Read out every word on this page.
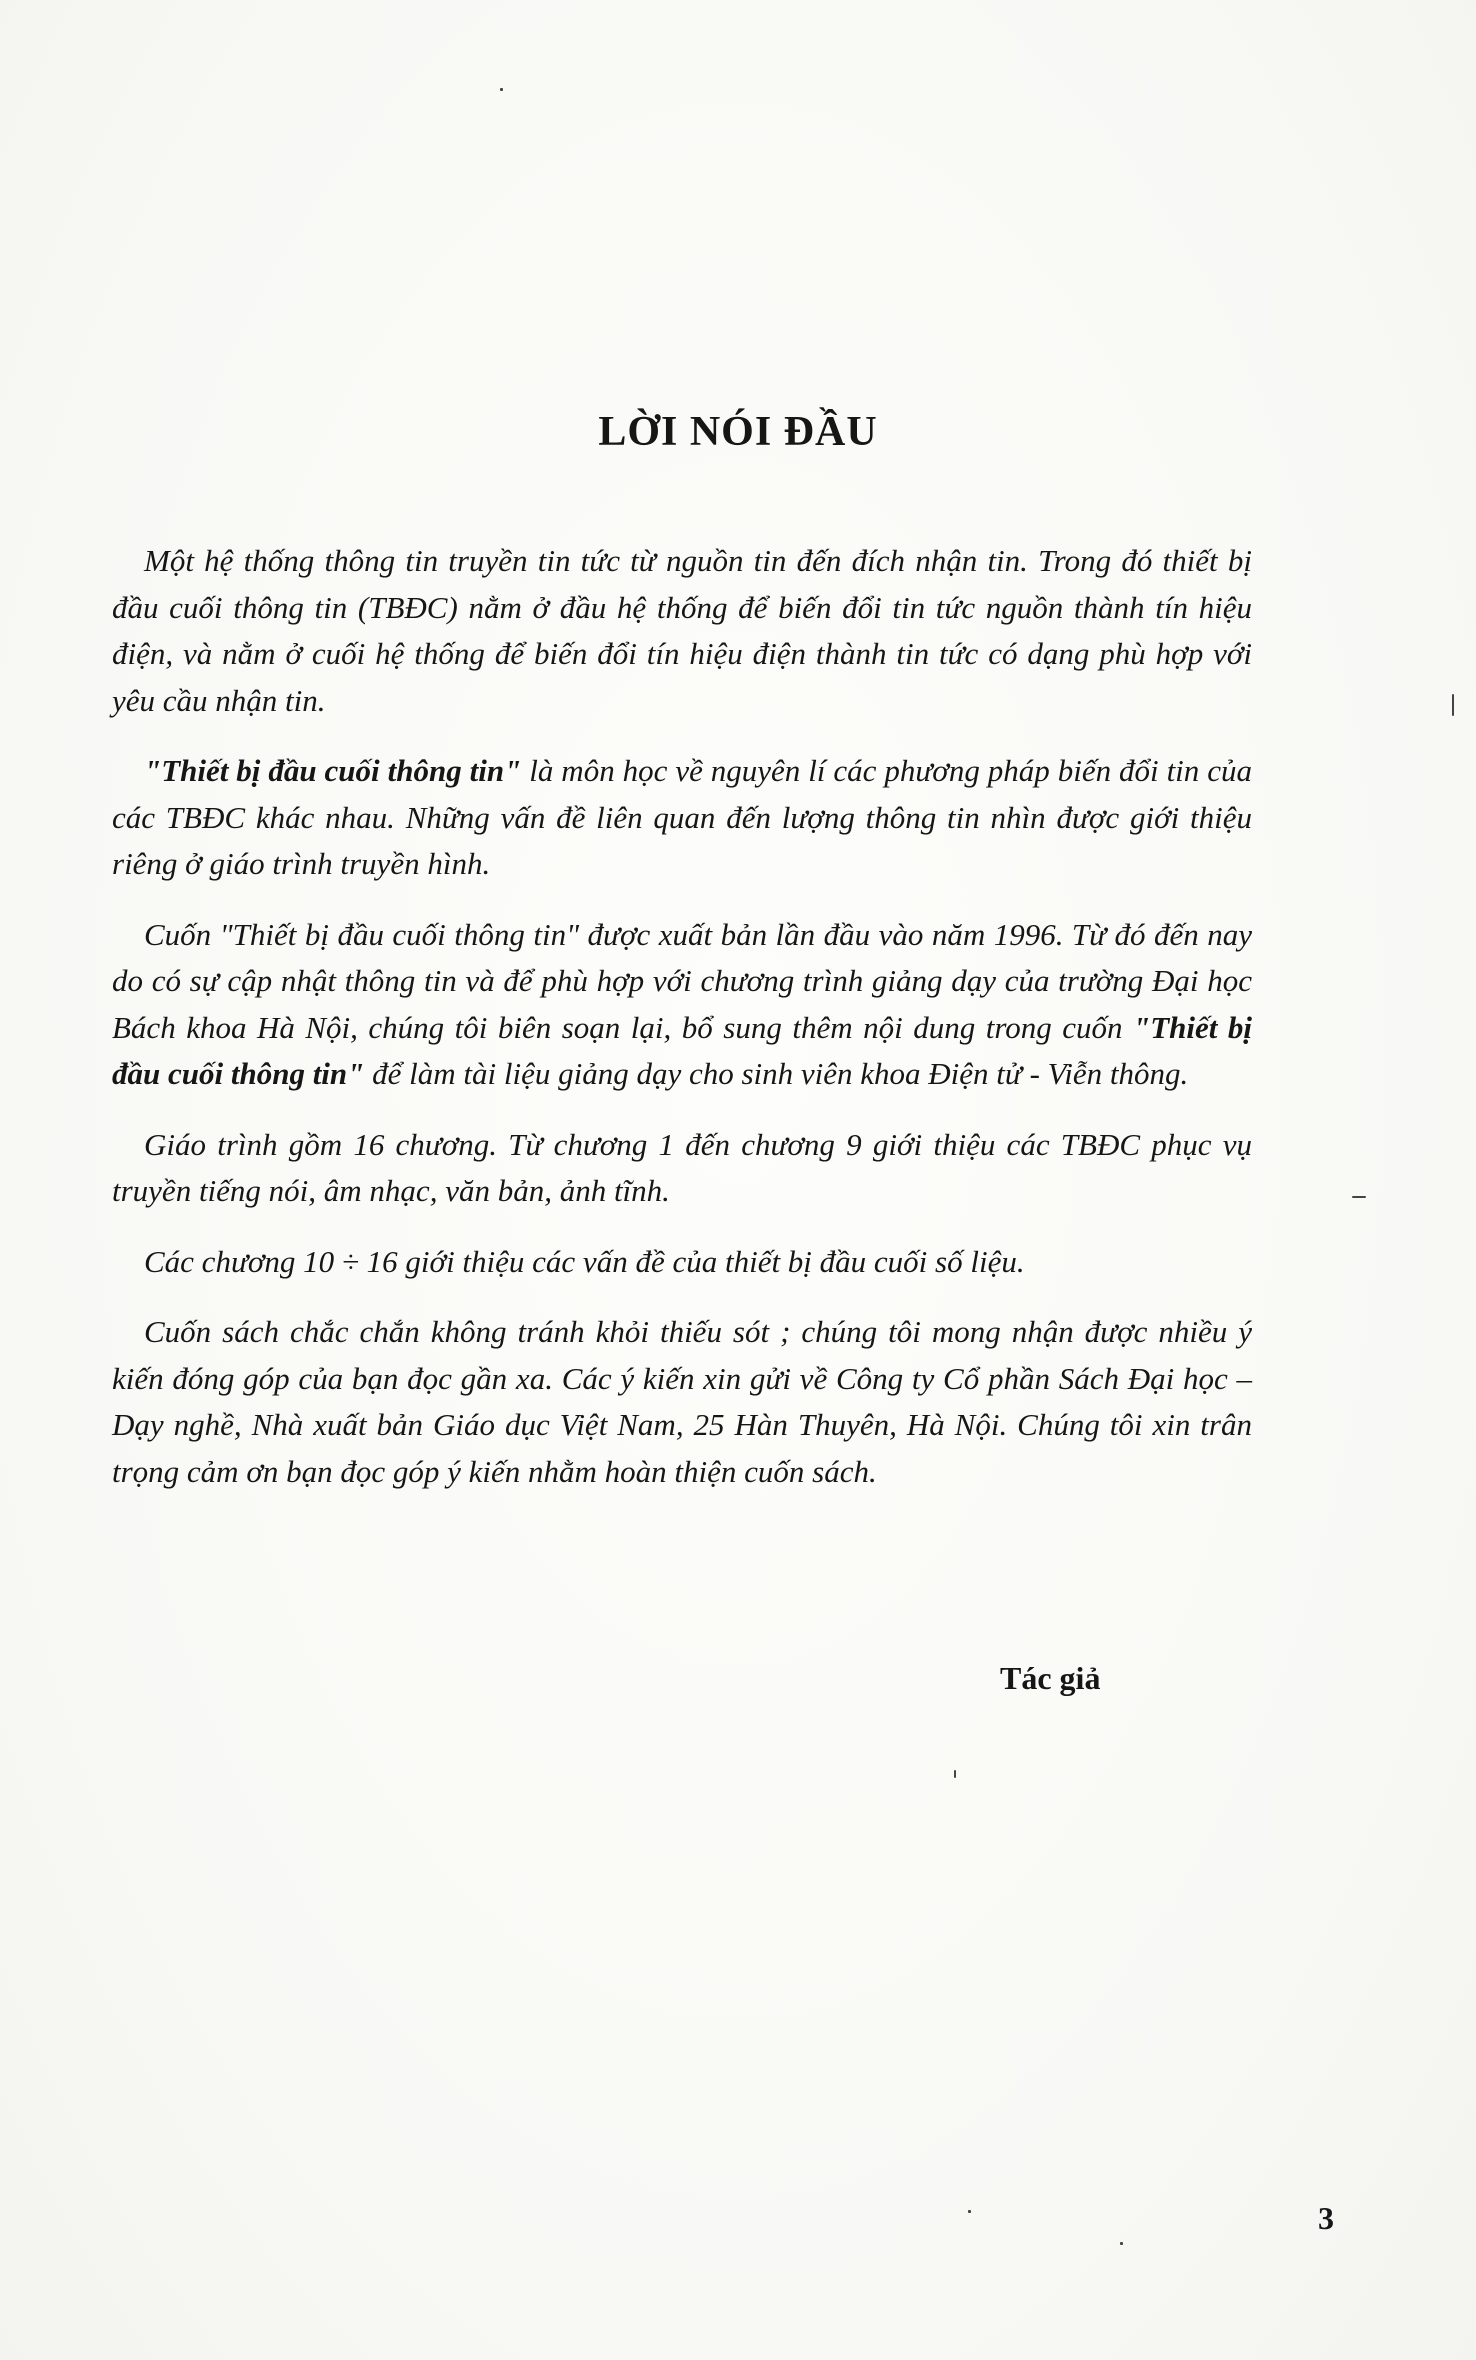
LỜI NÓI ĐẦU

Một hệ thống thông tin truyền tin tức từ nguồn tin đến đích nhận tin. Trong đó thiết bị đầu cuối thông tin (TBĐC) nằm ở đầu hệ thống để biến đổi tin tức nguồn thành tín hiệu điện, và nằm ở cuối hệ thống để biến đổi tín hiệu điện thành tin tức có dạng phù hợp với yêu cầu nhận tin.

"Thiết bị đầu cuối thông tin" là môn học về nguyên lí các phương pháp biến đổi tin của các TBĐC khác nhau. Những vấn đề liên quan đến lượng thông tin nhìn được giới thiệu riêng ở giáo trình truyền hình.

Cuốn "Thiết bị đầu cuối thông tin" được xuất bản lần đầu vào năm 1996. Từ đó đến nay do có sự cập nhật thông tin và để phù hợp với chương trình giảng dạy của trường Đại học Bách khoa Hà Nội, chúng tôi biên soạn lại, bổ sung thêm nội dung trong cuốn "Thiết bị đầu cuối thông tin" để làm tài liệu giảng dạy cho sinh viên khoa Điện tử - Viễn thông.

Giáo trình gồm 16 chương. Từ chương 1 đến chương 9 giới thiệu các TBĐC phục vụ truyền tiếng nói, âm nhạc, văn bản, ảnh tĩnh.

Các chương 10 ÷ 16 giới thiệu các vấn đề của thiết bị đầu cuối số liệu.

Cuốn sách chắc chắn không tránh khỏi thiếu sót ; chúng tôi mong nhận được nhiều ý kiến đóng góp của bạn đọc gần xa. Các ý kiến xin gửi về Công ty Cổ phần Sách Đại học – Dạy nghề, Nhà xuất bản Giáo dục Việt Nam, 25 Hàn Thuyên, Hà Nội. Chúng tôi xin trân trọng cảm ơn bạn đọc góp ý kiến nhằm hoàn thiện cuốn sách.

Tác giả
3
